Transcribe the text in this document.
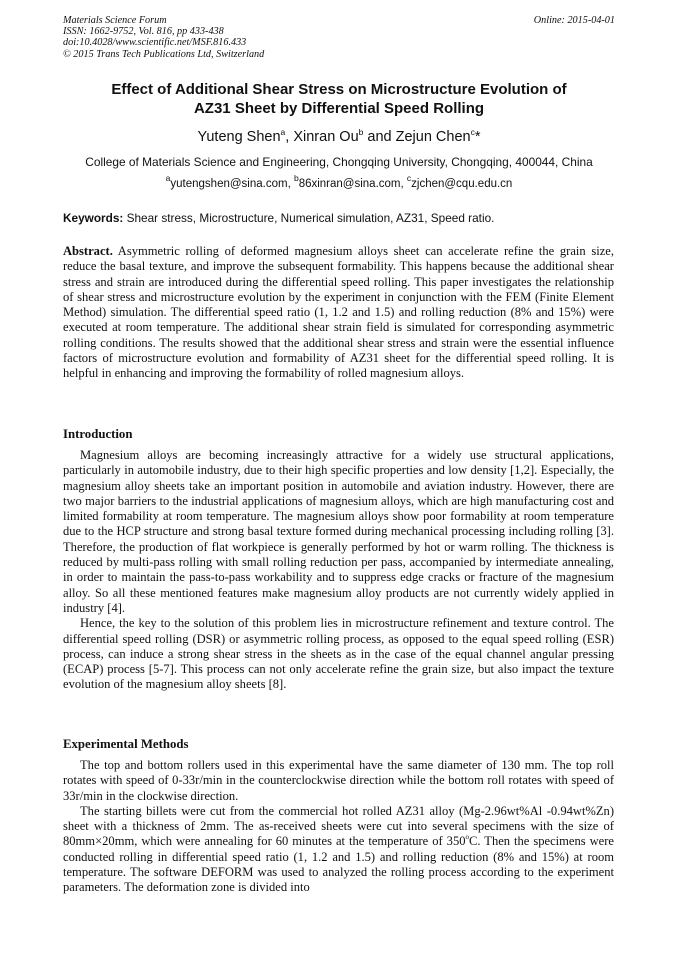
Materials Science Forum
ISSN: 1662-9752, Vol. 816, pp 433-438
doi:10.4028/www.scientific.net/MSF.816.433
© 2015 Trans Tech Publications Ltd, Switzerland
Online: 2015-04-01
Effect of Additional Shear Stress on Microstructure Evolution of
AZ31 Sheet by Differential Speed Rolling
Yuteng Shen$^a$, Xinran Ou$^b$ and Zejun Chen$^c$*
College of Materials Science and Engineering, Chongqing University, Chongqing, 400044, China
$^a$yutengshen@sina.com, $^b$86xinran@sina.com, $^c$zjchen@cqu.edu.cn
Keywords: Shear stress, Microstructure, Numerical simulation, AZ31, Speed ratio.

Abstract. Asymmetric rolling of deformed magnesium alloys sheet can accelerate refine the grain size, reduce the basal texture, and improve the subsequent formability. This happens because the additional shear stress and strain are introduced during the differential speed rolling. This paper investigates the relationship of shear stress and microstructure evolution by the experiment in conjunction with the FEM (Finite Element Method) simulation. The differential speed ratio (1, 1.2 and 1.5) and rolling reduction (8% and 15%) were executed at room temperature. The additional shear strain field is simulated for corresponding asymmetric rolling conditions. The results showed that the additional shear stress and strain were the essential influence factors of microstructure evolution and formability of AZ31 sheet for the differential speed rolling. It is helpful in enhancing and improving the formability of rolled magnesium alloys.

Introduction

Magnesium alloys are becoming increasingly attractive for a widely use structural applications, particularly in automobile industry, due to their high specific properties and low density [1,2]. Especially, the magnesium alloy sheets take an important position in automobile and aviation industry. However, there are two major barriers to the industrial applications of magnesium alloys, which are high manufacturing cost and limited formability at room temperature. The magnesium alloys show poor formability at room temperature due to the HCP structure and strong basal texture formed during mechanical processing including rolling [3]. Therefore, the production of flat workpiece is generally performed by hot or warm rolling. The thickness is reduced by multi-pass rolling with small rolling reduction per pass, accompanied by intermediate annealing, in order to maintain the pass-to-pass workability and to suppress edge cracks or fracture of the magnesium alloy. So all these mentioned features make magnesium alloy products are not currently widely applied in industry [4].

Hence, the key to the solution of this problem lies in microstructure refinement and texture control. The differential speed rolling (DSR) or asymmetric rolling process, as opposed to the equal speed rolling (ESR) process, can induce a strong shear stress in the sheets as in the case of the equal channel angular pressing (ECAP) process [5-7]. This process can not only accelerate refine the grain size, but also impact the texture evolution of the magnesium alloy sheets [8].

Experimental Methods

The top and bottom rollers used in this experimental have the same diameter of 130 mm. The top roll rotates with speed of 0-33r/min in the counterclockwise direction while the bottom roll rotates with speed of 33r/min in the clockwise direction.

The starting billets were cut from the commercial hot rolled AZ31 alloy (Mg-2.96wt%Al -0.94wt%Zn) sheet with a thickness of 2mm. The as-received sheets were cut into several specimens with the size of 80mm×20mm, which were annealing for 60 minutes at the temperature of 350$^o$C. Then the specimens were conducted rolling in differential speed ratio (1, 1.2 and 1.5) and rolling reduction (8% and 15%) at room temperature. The software DEFORM was used to analyzed the rolling process according to the experiment parameters. The deformation zone is divided into
